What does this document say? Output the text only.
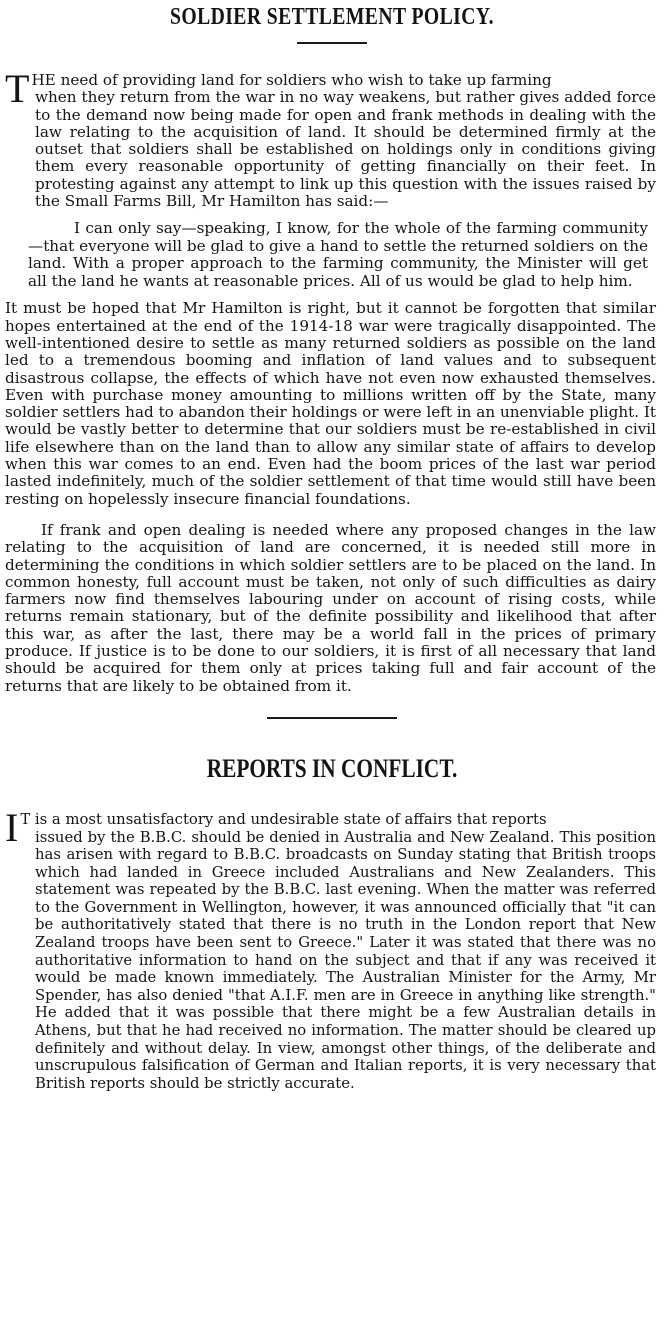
SOLDIER SETTLEMENT POLICY.

T HE need of providing land for soldiers who wish to take up farming
when they return from the war in no way weakens, but rather gives added force to the demand now being made for open and frank methods in dealing with the law relating to the acquisition of land. It should be determined firmly at the outset that soldiers shall be established on holdings only in conditions giving them every reasonable opportunity of getting financially on their feet. In protesting against any attempt to link up this question with the issues raised by the Small Farms Bill, Mr Hamilton has said:—

I can only say—speaking, I know, for the whole of the farming community—that everyone will be glad to give a hand to settle the returned soldiers on the land. With a proper approach to the farming community, the Minister will get all the land he wants at reasonable prices. All of us would be glad to help him.

It must be hoped that Mr Hamilton is right, but it cannot be forgotten that similar hopes entertained at the end of the 1914-18 war were tragically disappointed. The well-intentioned desire to settle as many returned soldiers as possible on the land led to a tremendous booming and inflation of land values and to subsequent disastrous collapse, the effects of which have not even now exhausted themselves. Even with purchase money amounting to millions written off by the State, many soldier settlers had to abandon their holdings or were left in an unenviable plight. It would be vastly better to determine that our soldiers must be re-established in civil life elsewhere than on the land than to allow any similar state of affairs to develop when this war comes to an end. Even had the boom prices of the last war period lasted indefinitely, much of the soldier settlement of that time would still have been resting on hopelessly insecure financial foundations.

If frank and open dealing is needed where any proposed changes in the law relating to the acquisition of land are concerned, it is needed still more in determining the conditions in which soldier settlers are to be placed on the land. In common honesty, full account must be taken, not only of such difficulties as dairy farmers now find themselves labouring under on account of rising costs, while returns remain stationary, but of the definite possibility and likelihood that after this war, as after the last, there may be a world fall in the prices of primary produce. If justice is to be done to our soldiers, it is first of all necessary that land should be acquired for them only at prices taking full and fair account of the returns that are likely to be obtained from it.

REPORTS IN CONFLICT.

I T is a most unsatisfactory and undesirable state of affairs that reports
issued by the B.B.C. should be denied in Australia and New Zealand. This position has arisen with regard to B.B.C. broadcasts on Sunday stating that British troops which had landed in Greece included Australians and New Zealanders. This statement was repeated by the B.B.C. last evening. When the matter was referred to the Government in Wellington, however, it was announced officially that "it can be authoritatively stated that there is no truth in the London report that New Zealand troops have been sent to Greece." Later it was stated that there was no authoritative information to hand on the subject and that if any was received it would be made known immediately. The Australian Minister for the Army, Mr Spender, has also denied "that A.I.F. men are in Greece in anything like strength." He added that it was possible that there might be a few Australian details in Athens, but that he had received no information. The matter should be cleared up definitely and without delay. In view, amongst other things, of the deliberate and unscrupulous falsification of German and Italian reports, it is very necessary that British reports should be strictly accurate.
